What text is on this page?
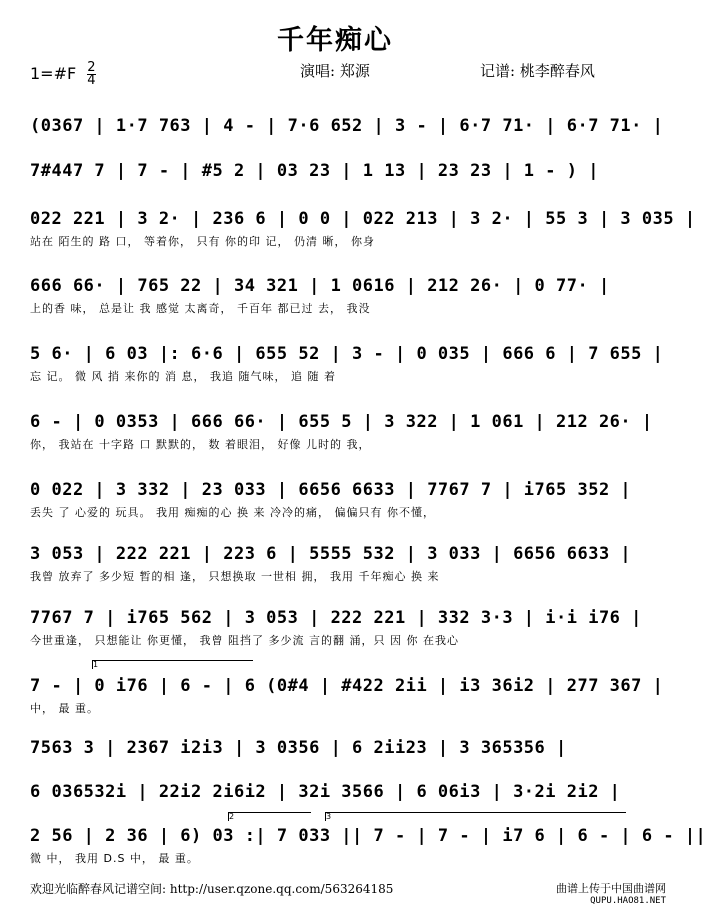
千年痴心
演唱: 郑源	记谱: 桃李醉春风
1=#F $\frac{2}{4}$
(0367 | 1·7 763 | 4 - | 7·6 652 | 3 - | 6·7 71· | 6·7 71· |
7#447 7 | 7 - | #5 2 | 03 23 | 1 13 | 23 23 | 1 - ) |
022 221 | 3 2· | 236 6 | 0 0 | 022 213 | 3 2· | 55 3 | 3 035 |
站在 陌生的 路 口， 等着你， 只有 你的印 记， 仍清 晰， 你身
666 66· | 765 22 | 34 321 | 1 0616 | 212 26· | 0 77· |
上的香 味， 总是让 我 感觉 太离奇， 千百年 都已过 去， 我没
5 6· | 6 03 |: 6·6 | 655 52 | 3 - | 0 035 | 666 6 | 7 655 |
忘 记。 微 风 捎 来你的 消 息， 我追 随气味， 追 随 着
6 - | 0 0353 | 666 66· | 655 5 | 3 322 | 1 061 | 212 26· |
你， 我站在 十字路 口 默默的， 数 着眼泪， 好像 儿时的 我，
0 022 | 3 332 | 23 033 | 6656 6633 | 7767 7 | i765 352 |
丢失 了 心爱的 玩具。 我用 痴痴的心 换 来 冷冷的痛， 偏偏只有 你不懂，
3 053 | 222 221 | 223 6 | 5555 532 | 3 033 | 6656 6633 |
我曾 放弃了 多少短 暂的相 逢， 只想换取 一世相 拥， 我用 千年痴心 换 来
7767 7 | i765 562 | 3 053 | 222 221 | 332 3·3 | i·i i76 |
今世重逢， 只想能让 你更懂， 我曾 阻挡了 多少流 言的翻 涌，只 因 你 在我心
1
7 - | 0 i76 | 6 - | 6 (0#4 | #422 2ii | i3 36i2 | 277 367 |
中， 最 重。
7563 3 | 2367 i2i3 | 3 0356 | 6 2ii23 | 3 365356 |
6 036532i | 22i2 2i6i2 | 32i 3566 | 6 06i3 | 3·2i 2i2 |
2	3
2 56 | 2 36 | 6) 03 :| 7 033 || 7 - | 7 - | i7 6 | 6 - | 6 - ||
微 中， 我用 D.S 中， 最 重。
欢迎光临醉春风记谱空间: http://user.qzone.qq.com/563264185	曲谱上传于中国曲谱网
QUPU.HAO81.NET
